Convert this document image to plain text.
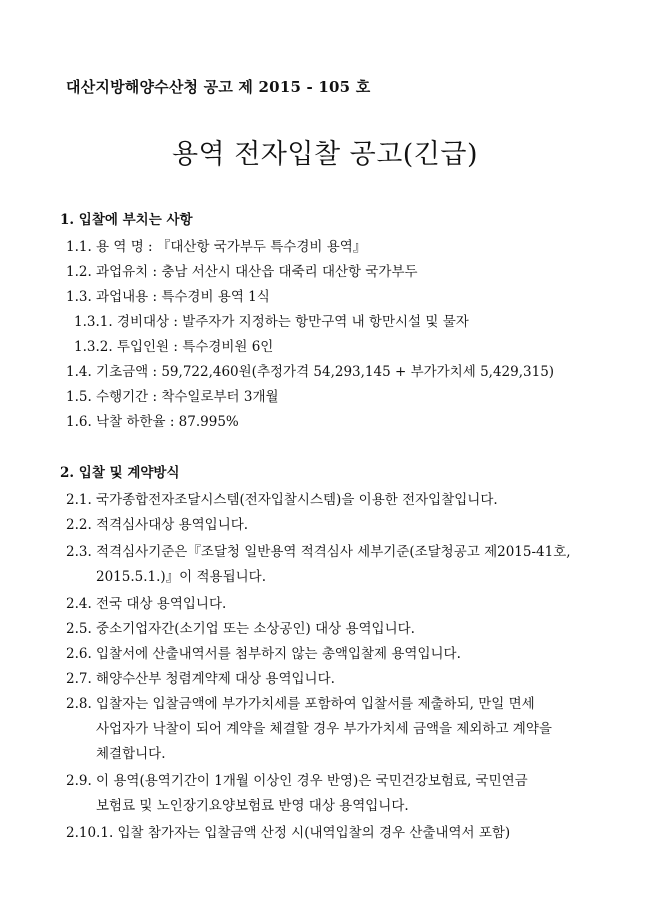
대산지방해양수산청 공고 제 2015 - 105 호
용역 전자입찰 공고(긴급)
1. 입찰에 부치는 사항
1.1. 용 역 명 : 『대산항 국가부두 특수경비 용역』
1.2. 과업유치 : 충남 서산시 대산읍 대죽리 대산항 국가부두
1.3. 과업내용 : 특수경비 용역 1식
1.3.1. 경비대상 : 발주자가 지정하는 항만구역 내 항만시설 및 물자
1.3.2. 투입인원 : 특수경비원 6인
1.4. 기초금액 : 59,722,460원(추정가격 54,293,145 + 부가가치세 5,429,315)
1.5. 수행기간 : 착수일로부터 3개월
1.6. 낙찰 하한율 : 87.995%
2. 입찰 및 계약방식
2.1. 국가종합전자조달시스템(전자입찰시스템)을 이용한 전자입찰입니다.
2.2. 적격심사대상 용역입니다.
2.3. 적격심사기준은『조달청 일반용역 적격심사 세부기준(조달청공고 제2015-41호,
2015.5.1.)』이 적용됩니다.
2.4. 전국 대상 용역입니다.
2.5. 중소기업자간(소기업 또는 소상공인) 대상 용역입니다.
2.6. 입찰서에 산출내역서를 첨부하지 않는 총액입찰제 용역입니다.
2.7. 해양수산부 청렴계약제 대상 용역입니다.
2.8. 입찰자는 입찰금액에 부가가치세를 포함하여 입찰서를 제출하되, 만일 면세
사업자가 낙찰이 되어 계약을 체결할 경우 부가가치세 금액을 제외하고 계약을
체결합니다.
2.9. 이 용역(용역기간이 1개월 이상인 경우 반영)은 국민건강보험료, 국민연금
보험료 및 노인장기요양보험료 반영 대상 용역입니다.
2.10.1. 입찰 참가자는 입찰금액 산정 시(내역입찰의 경우 산출내역서 포함)
